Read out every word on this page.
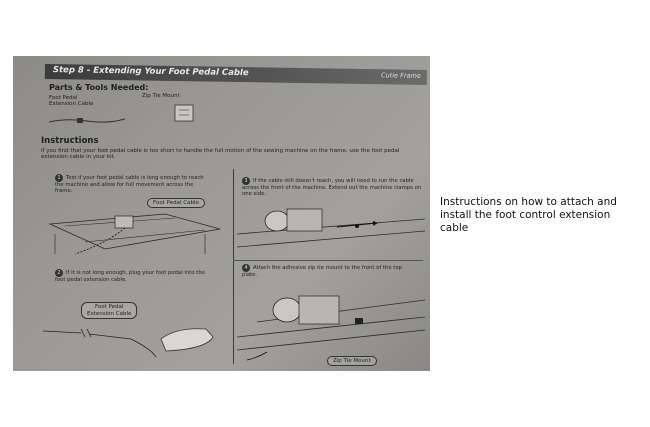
Step 8 - Extending Your Foot Pedal Cable	Cutie Frame
Parts & Tools Needed:
Foot Pedal
Extension Cable
Zip Tie Mount
Instructions
If you find that your foot pedal cable is too short to handle the full motion of the sewing machine on the frame, use the foot pedal extension cable in your kit.
1 Test if your foot pedal cable is long enough to reach the machine and allow for full movement across the frame.
Foot Pedal Cable
2 If it is not long enough, plug your foot pedal into the foot pedal extension cable.
Foot Pedal
Extension Cable
3 If the cable still doesn't reach, you will need to run the cable across the front of the machine. Extend out the machine clamps on one side.
4 Attach the adhesive zip tie mount to the front of the top plate.
Zip Tie Mount
Instructions on how to attach and install the foot control extension cable
